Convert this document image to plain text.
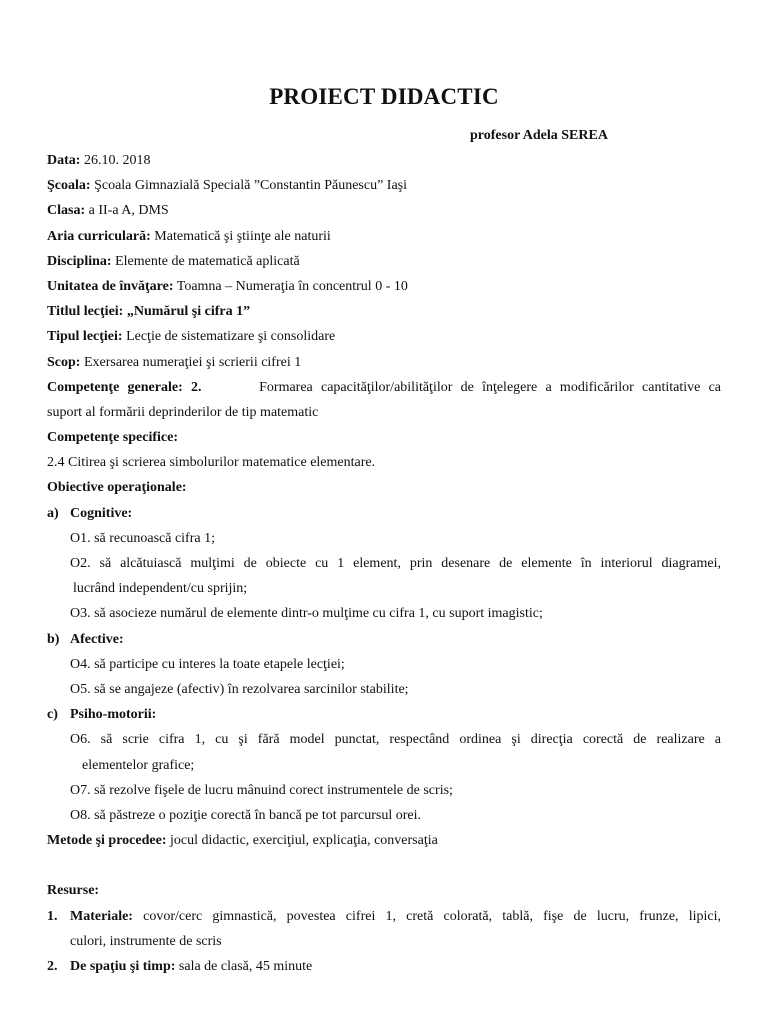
PROIECT DIDACTIC
profesor Adela SEREA
Data: 26.10. 2018
Şcoala: Şcoala Gimnazială Specială ”Constantin Păunescu” Iaşi
Clasa: a II-a A, DMS
Aria curriculară: Matematică şi ştiinţe ale naturii
Disciplina: Elemente de matematică aplicată
Unitatea de învăţare: Toamna – Numeraţia în concentrul 0 - 10
Titlul lecţiei: „Numărul şi cifra 1”
Tipul lecţiei: Lecţie de sistematizare şi consolidare
Scop: Exersarea numeraţiei şi scrierii cifrei 1
Competenţe generale: 2.	Formarea capacităţilor/abilităţilor de înţelegere a modificărilor cantitative ca
suport al formării deprinderilor de tip matematic
Competenţe specifice:
2.4 Citirea şi scrierea simbolurilor matematice elementare.
Obiective operaţionale:
a) Cognitive:
O1. să recunoască cifra 1;
O2. să alcătuiască mulţimi de obiecte cu 1 element, prin desenare de elemente în interiorul diagramei,
lucrând independent/cu sprijin;
O3. să asocieze numărul de elemente dintr-o mulţime cu cifra 1, cu suport imagistic;
b) Afective:
O4. să participe cu interes la toate etapele lecţiei;
O5. să se angajeze (afectiv) în rezolvarea sarcinilor stabilite;
c) Psiho-motorii:
O6. să scrie cifra 1, cu şi fără model punctat, respectând ordinea şi direcţia corectă de realizare a
elementelor grafice;
O7. să rezolve fişele de lucru mânuind corect instrumentele de scris;
O8. să păstreze o poziţie corectă în bancă pe tot parcursul orei.
Metode şi procedee: jocul didactic, exerciţiul, explicaţia, conversaţia
Resurse:
1. Materiale: covor/cerc gimnastică, povestea cifrei 1, cretă colorată, tablă, fişe de lucru, frunze, lipici,
culori, instrumente de scris
2. De spaţiu şi timp: sala de clasă, 45 minute
